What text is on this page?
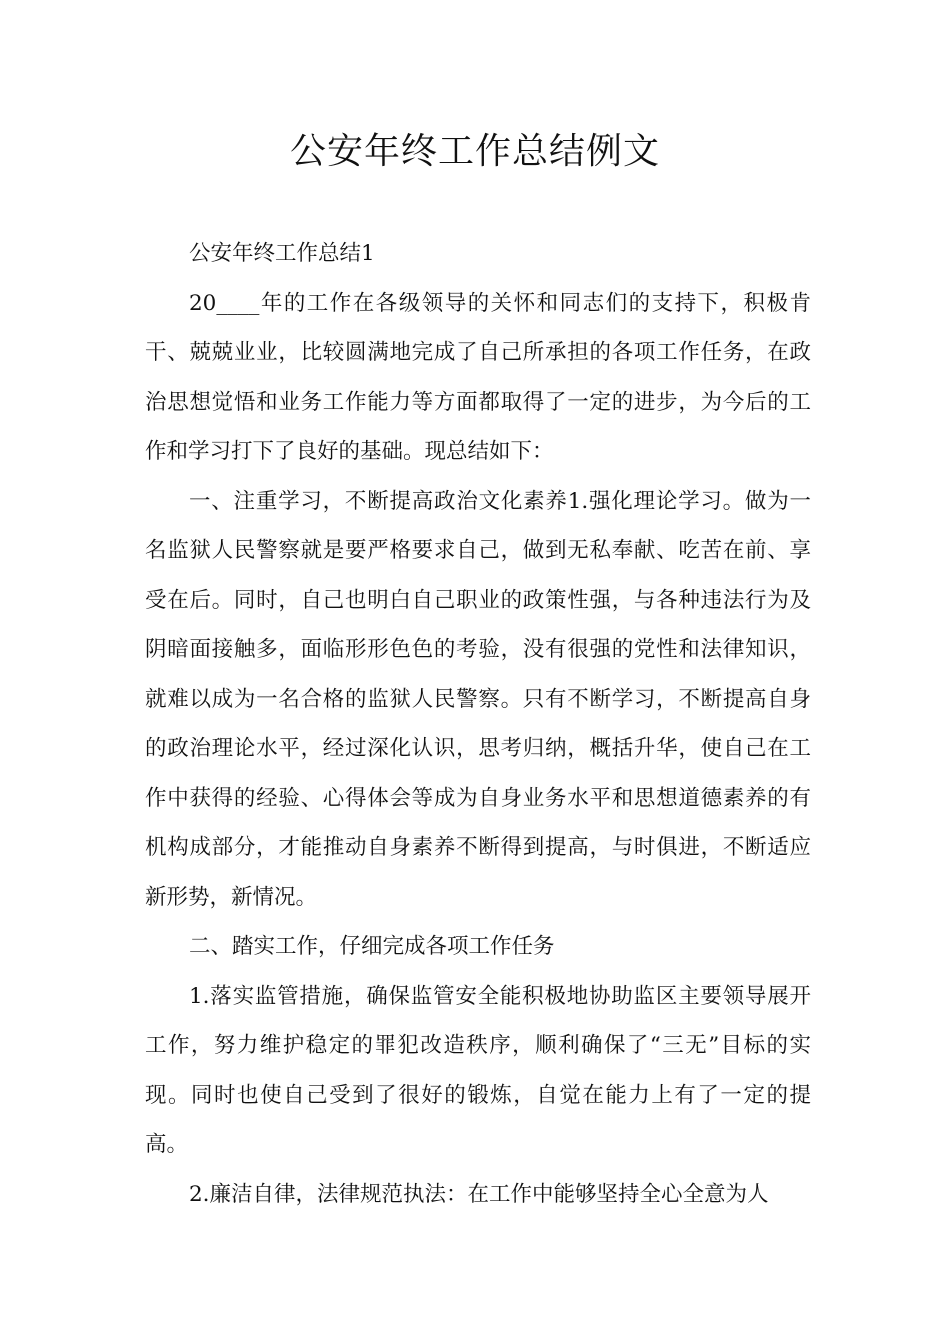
公安年终工作总结例文

公安年终工作总结1

20____年的工作在各级领导的关怀和同志们的支持下，积极肯干、兢兢业业，比较圆满地完成了自己所承担的各项工作任务，在政治思想觉悟和业务工作能力等方面都取得了一定的进步，为今后的工作和学习打下了良好的基础。现总结如下：

一、注重学习，不断提高政治文化素养1.强化理论学习。做为一名监狱人民警察就是要严格要求自己，做到无私奉献、吃苦在前、享受在后。同时，自己也明白自己职业的政策性强，与各种违法行为及阴暗面接触多，面临形形色色的考验，没有很强的党性和法律知识，就难以成为一名合格的监狱人民警察。只有不断学习，不断提高自身的政治理论水平，经过深化认识，思考归纳，概括升华，使自己在工作中获得的经验、心得体会等成为自身业务水平和思想道德素养的有机构成部分，才能推动自身素养不断得到提高，与时俱进，不断适应新形势，新情况。

二、踏实工作，仔细完成各项工作任务

1.落实监管措施，确保监管安全能积极地协助监区主要领导展开工作，努力维护稳定的罪犯改造秩序，顺利确保了“三无”目标的实现。同时也使自己受到了很好的锻炼，自觉在能力上有了一定的提高。

2.廉洁自律，法律规范执法：在工作中能够坚持全心全意为人
